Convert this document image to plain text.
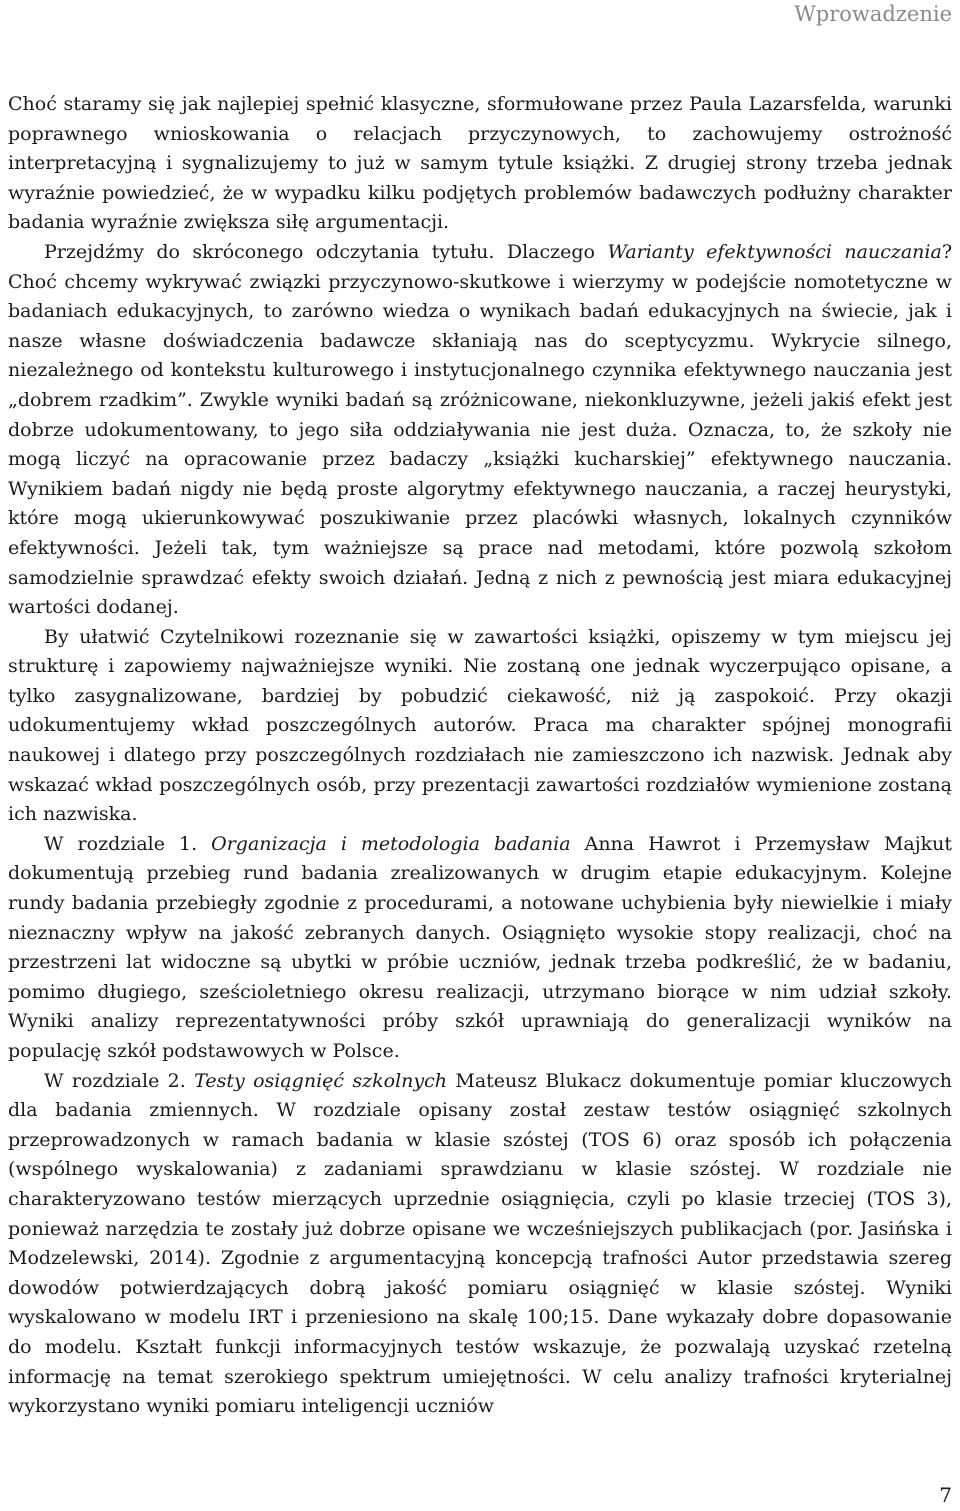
Wprowadzenie

Choć staramy się jak najlepiej spełnić klasyczne, sformułowane przez Paula Lazarsfelda, warunki poprawnego wnioskowania o relacjach przyczynowych, to zachowujemy ostrożność interpretacyjną i sygnalizujemy to już w samym tytule książki. Z drugiej strony trzeba jednak wyraźnie powiedzieć, że w wypadku kilku podjętych problemów badawczych podłużny charakter badania wyraźnie zwiększa siłę argumentacji.

Przejdźmy do skróconego odczytania tytułu. Dlaczego Warianty efektywności nauczania? Choć chcemy wykrywać związki przyczynowo-skutkowe i wierzymy w podejście nomotetyczne w badaniach edukacyjnych, to zarówno wiedza o wynikach badań edukacyjnych na świecie, jak i nasze własne doświadczenia badawcze skłaniają nas do sceptycyzmu. Wykrycie silnego, niezależnego od kontekstu kulturowego i instytucjonalnego czynnika efektywnego nauczania jest „dobrem rzadkim”. Zwykle wyniki badań są zróżnicowane, niekonkluzywne, jeżeli jakiś efekt jest dobrze udokumentowany, to jego siła oddziaływania nie jest duża. Oznacza, to, że szkoły nie mogą liczyć na opracowanie przez badaczy „książki kucharskiej” efektywnego nauczania. Wynikiem badań nigdy nie będą proste algorytmy efektywnego nauczania, a raczej heurystyki, które mogą ukierunkowywać poszukiwanie przez placówki własnych, lokalnych czynników efektywności. Jeżeli tak, tym ważniejsze są prace nad metodami, które pozwolą szkołom samodzielnie sprawdzać efekty swoich działań. Jedną z nich z pewnością jest miara edukacyjnej wartości dodanej.

By ułatwić Czytelnikowi rozeznanie się w zawartości książki, opiszemy w tym miejscu jej strukturę i zapowiemy najważniejsze wyniki. Nie zostaną one jednak wyczerpująco opisane, a tylko zasygnalizowane, bardziej by pobudzić ciekawość, niż ją zaspokoić. Przy okazji udokumentujemy wkład poszczególnych autorów. Praca ma charakter spójnej monografii naukowej i dlatego przy poszczególnych rozdziałach nie zamieszczono ich nazwisk. Jednak aby wskazać wkład poszczególnych osób, przy prezentacji zawartości rozdziałów wymienione zostaną ich nazwiska.

W rozdziale 1. Organizacja i metodologia badania Anna Hawrot i Przemysław Majkut dokumentują przebieg rund badania zrealizowanych w drugim etapie edukacyjnym. Kolejne rundy badania przebiegły zgodnie z procedurami, a notowane uchybienia były niewielkie i miały nieznaczny wpływ na jakość zebranych danych. Osiągnięto wysokie stopy realizacji, choć na przestrzeni lat widoczne są ubytki w próbie uczniów, jednak trzeba podkreślić, że w badaniu, pomimo długiego, sześcioletniego okresu realizacji, utrzymano biorące w nim udział szkoły. Wyniki analizy reprezentatywności próby szkół uprawniają do generalizacji wyników na populację szkół podstawowych w Polsce.

W rozdziale 2. Testy osiągnięć szkolnych Mateusz Blukacz dokumentuje pomiar kluczowych dla badania zmiennych. W rozdziale opisany został zestaw testów osiągnięć szkolnych przeprowadzonych w ramach badania w klasie szóstej (TOS 6) oraz sposób ich połączenia (wspólnego wyskalowania) z zadaniami sprawdzianu w klasie szóstej. W rozdziale nie charakteryzowano testów mierzących uprzednie osiągnięcia, czyli po klasie trzeciej (TOS 3), ponieważ narzędzia te zostały już dobrze opisane we wcześniejszych publikacjach (por. Jasińska i Modzelewski, 2014). Zgodnie z argumentacyjną koncepcją trafności Autor przedstawia szereg dowodów potwierdzających dobrą jakość pomiaru osiągnięć w klasie szóstej. Wyniki wyskalowano w modelu IRT i przeniesiono na skalę 100;15. Dane wykazały dobre dopasowanie do modelu. Kształt funkcji informacyjnych testów wskazuje, że pozwalają uzyskać rzetelną informację na temat szerokiego spektrum umiejętności. W celu analizy trafności kryterialnej wykorzystano wyniki pomiaru inteligencji uczniów

7
